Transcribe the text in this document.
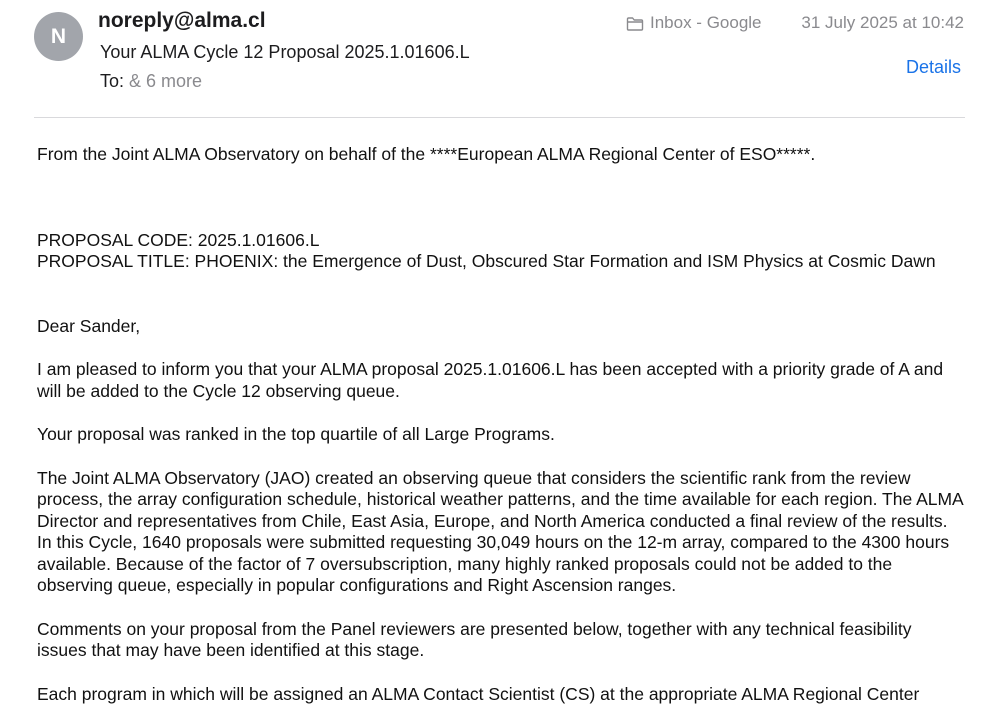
N
noreply@alma.cl
Your ALMA Cycle 12 Proposal 2025.1.01606.L
To: & 6 more
Inbox - Google 31 July 2025 at 10:42
Details

From the Joint ALMA Observatory on behalf of the ****European ALMA Regional Center of ESO*****.

PROPOSAL CODE: 2025.1.01606.L

PROPOSAL TITLE: PHOENIX: the Emergence of Dust, Obscured Star Formation and ISM Physics at Cosmic Dawn

Dear Sander,

I am pleased to inform you that your ALMA proposal 2025.1.01606.L has been accepted with a priority grade of A and will be added to the Cycle 12 observing queue.

Your proposal was ranked in the top quartile of all Large Programs.

The Joint ALMA Observatory (JAO) created an observing queue that considers the scientific rank from the review process, the array configuration schedule, historical weather patterns, and the time available for each region. The ALMA Director and representatives from Chile, East Asia, Europe, and North America conducted a final review of the results. In this Cycle, 1640 proposals were submitted requesting 30,049 hours on the 12-m array, compared to the 4300 hours available. Because of the factor of 7 oversubscription, many highly ranked proposals could not be added to the observing queue, especially in popular configurations and Right Ascension ranges.

Comments on your proposal from the Panel reviewers are presented below, together with any technical feasibility issues that may have been identified at this stage.

Each program in which will be assigned an ALMA Contact Scientist (CS) at the appropriate ALMA Regional Center
